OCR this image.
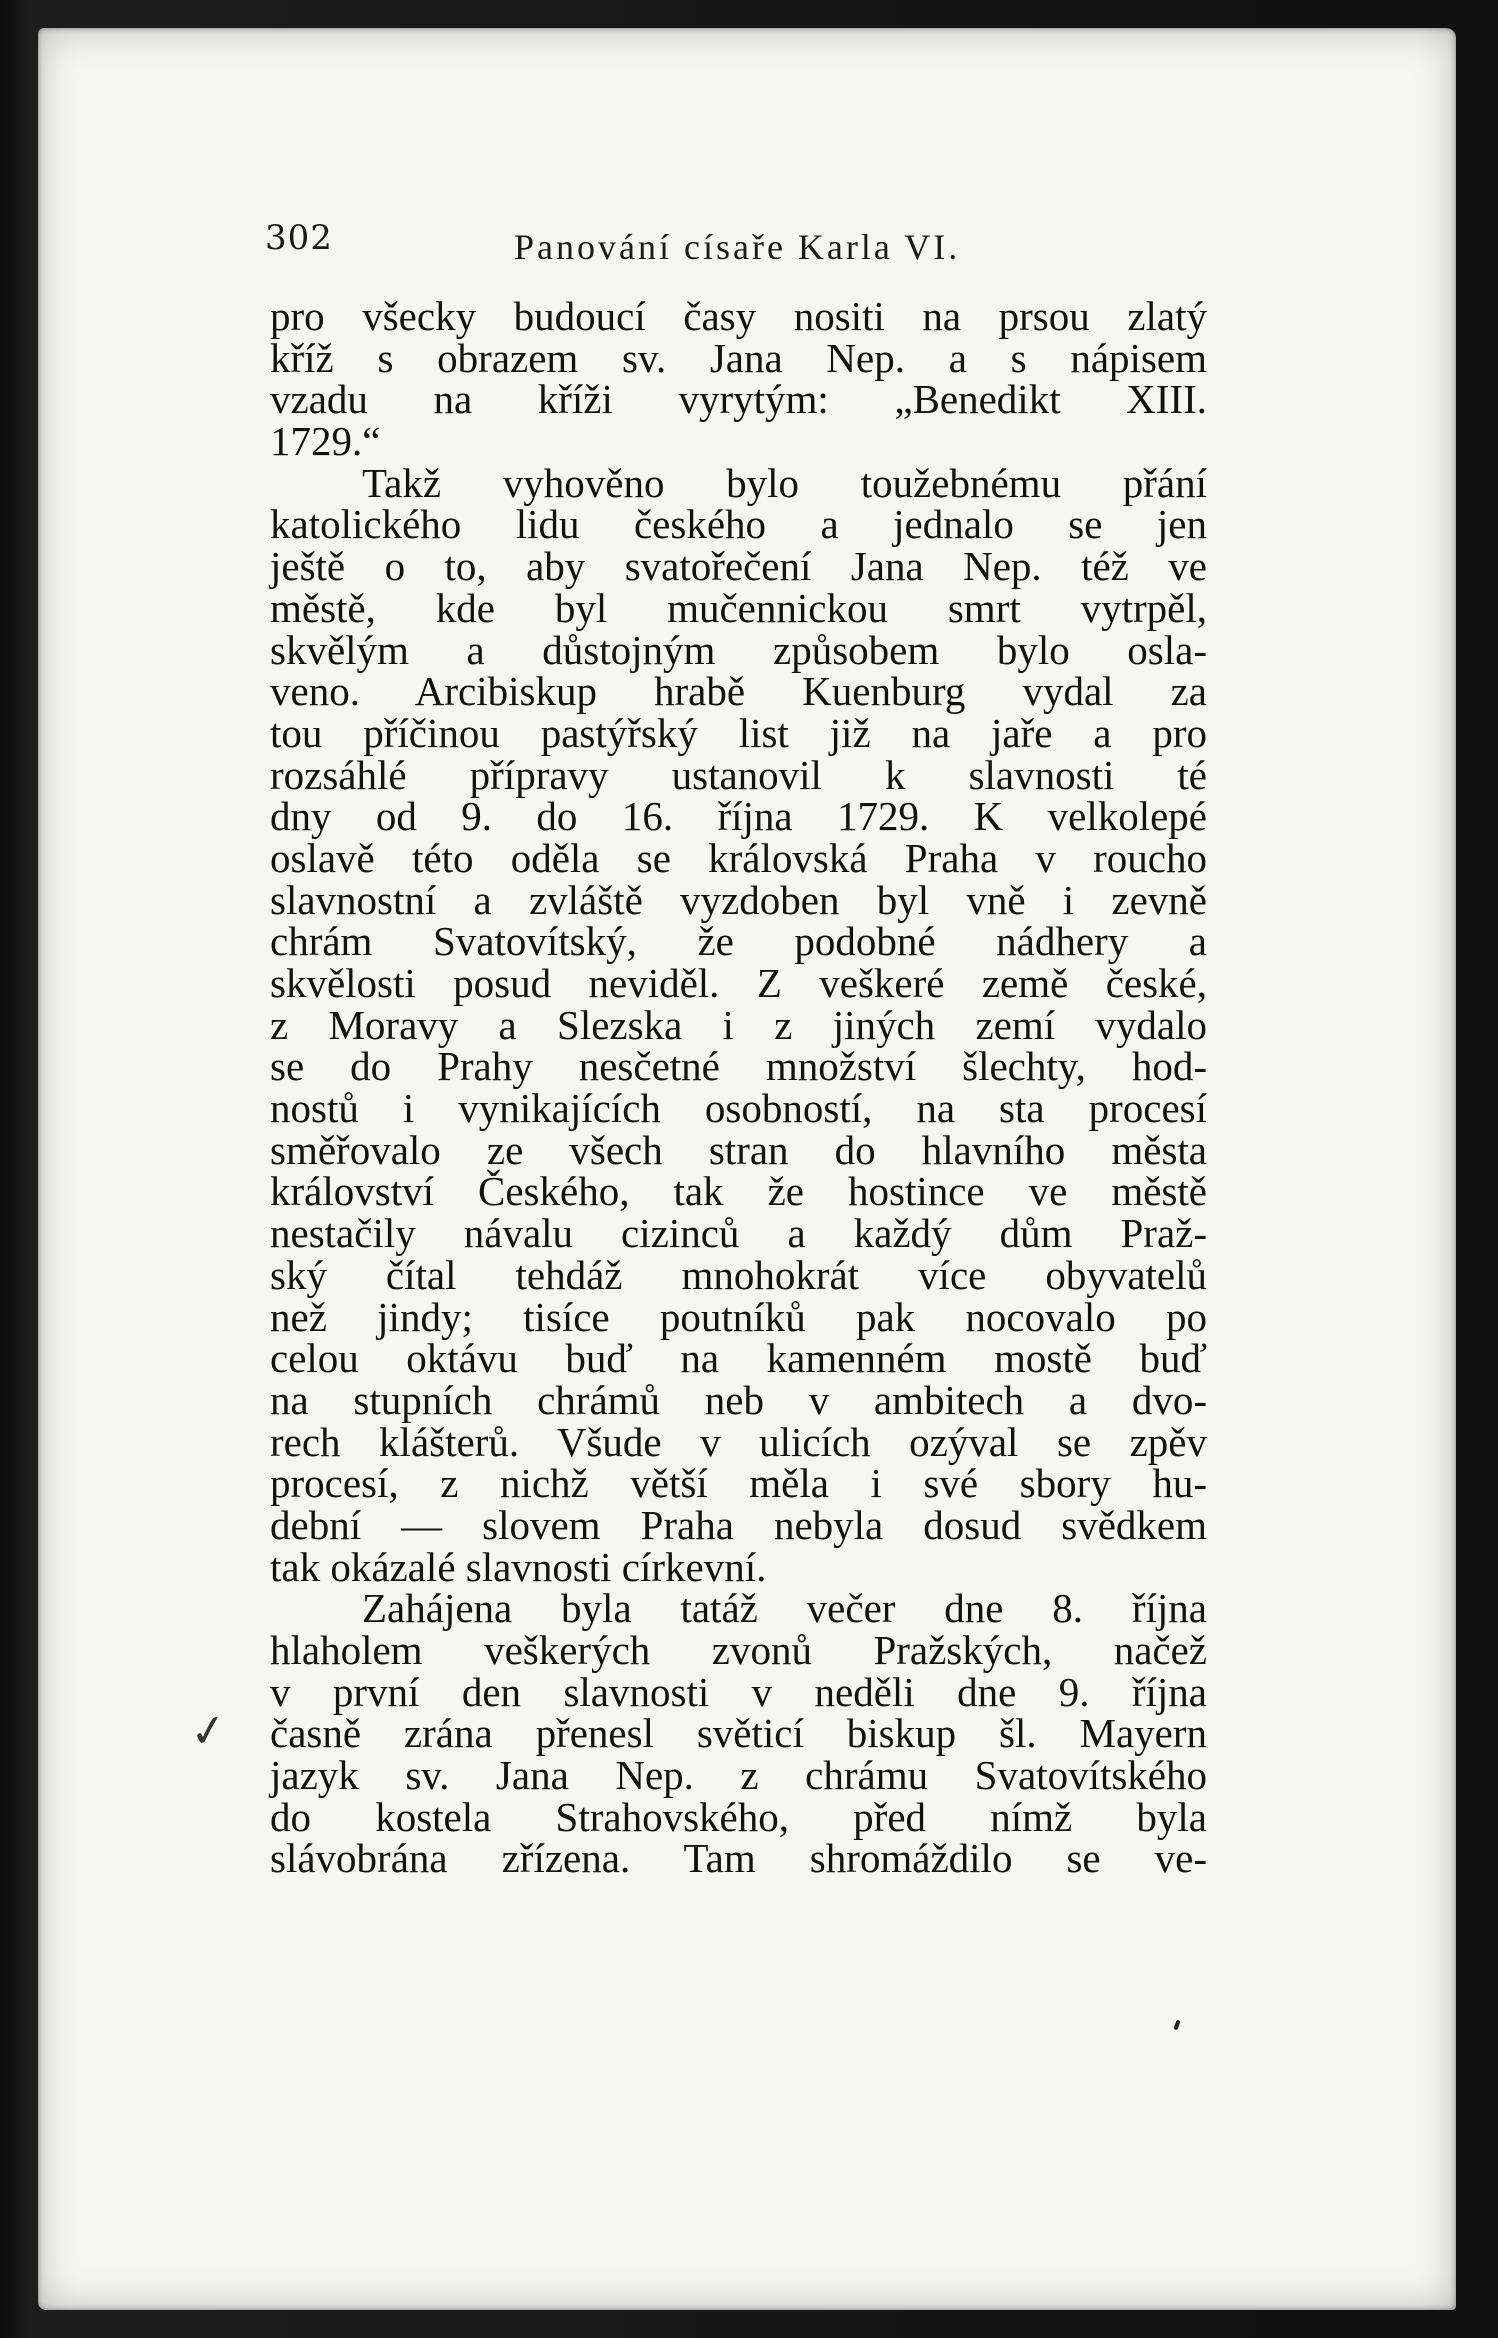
302	Panování císaře Karla VI.
pro všecky budoucí časy nositi na prsou zlatý
kříž s obrazem sv. Jana Nep. a s nápisem
vzadu na kříži vyrytým: „Benedikt XIII.
1729.“
Takž vyhověno bylo toužebnému přání
katolického lidu českého a jednalo se jen
ještě o to, aby svatořečení Jana Nep. též ve
městě, kde byl mučennickou smrt vytrpěl,
skvělým a důstojným způsobem bylo osla-
veno. Arcibiskup hrabě Kuenburg vydal za
tou příčinou pastýřský list již na jaře a pro
rozsáhlé přípravy ustanovil k slavnosti té
dny od 9. do 16. října 1729. K velkolepé
oslavě této oděla se královská Praha v roucho
slavnostní a zvláště vyzdoben byl vně i zevně
chrám Svatovítský, že podobné nádhery a
skvělosti posud neviděl. Z veškeré země české,
z Moravy a Slezska i z jiných zemí vydalo
se do Prahy nesčetné množství šlechty, hod-
nostů i vynikajících osobností, na sta procesí
směřovalo ze všech stran do hlavního města
království Českého, tak že hostince ve městě
nestačily návalu cizinců a každý dům Praž-
ský čítal tehdáž mnohokrát více obyvatelů
než jindy; tisíce poutníků pak nocovalo po
celou oktávu buď na kamenném mostě buď
na stupních chrámů neb v ambitech a dvo-
rech klášterů. Všude v ulicích ozýval se zpěv
procesí, z nichž větší měla i své sbory hu-
dební — slovem Praha nebyla dosud svědkem
tak okázalé slavnosti církevní.
Zahájena byla tatáž večer dne 8. října
hlaholem veškerých zvonů Pražských, načež
v první den slavnosti v neděli dne 9. října
časně zrána přenesl světicí biskup šl. Mayern
jazyk sv. Jana Nep. z chrámu Svatovítského
do kostela Strahovského, před nímž byla
slávobrána zřízena. Tam shromáždilo se ve-
✓
